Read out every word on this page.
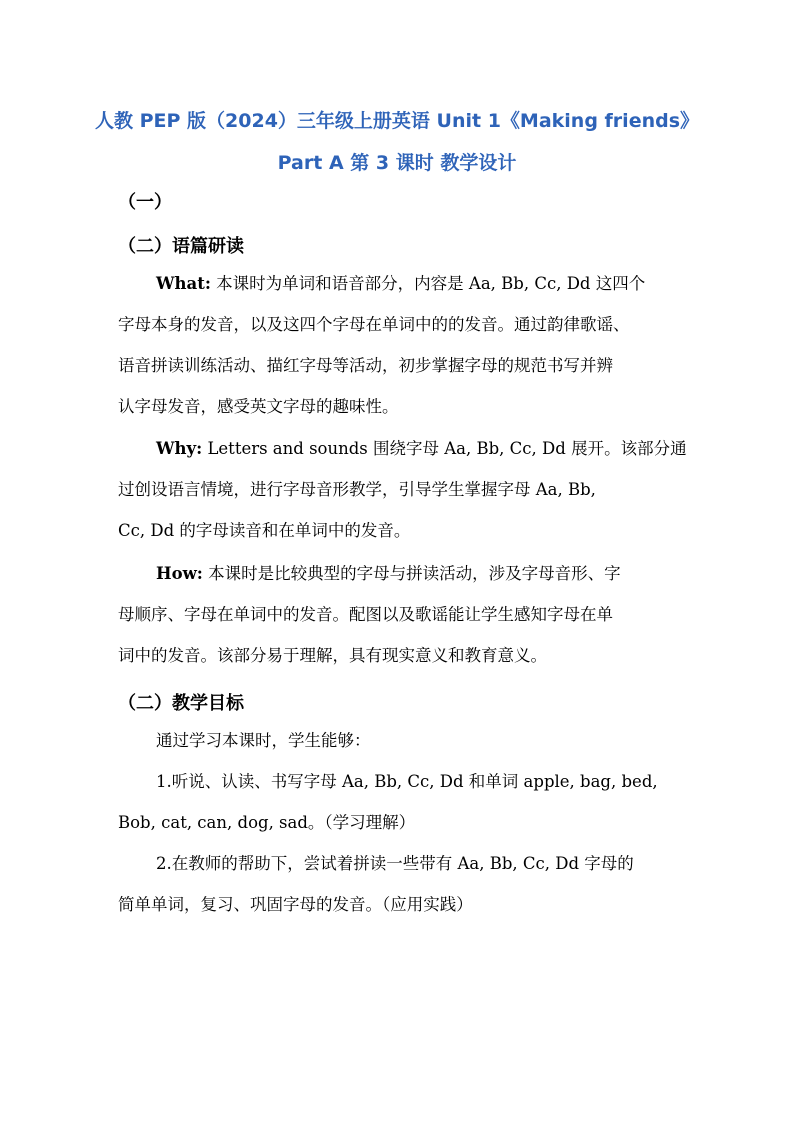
人教 PEP 版（2024）三年级上册英语 Unit 1《Making friends》
Part A 第 3 课时 教学设计
（一）
（二）语篇研读
What: 本课时为单词和语音部分，内容是 Aa, Bb, Cc, Dd 这四个
字母本身的发音，以及这四个字母在单词中的的发音。通过韵律歌谣、
语音拼读训练活动、描红字母等活动，初步掌握字母的规范书写并辨
认字母发音，感受英文字母的趣味性。
Why: Letters and sounds 围绕字母 Aa, Bb, Cc, Dd 展开。该部分通
过创设语言情境，进行字母音形教学，引导学生掌握字母 Aa, Bb,
Cc, Dd 的字母读音和在单词中的发音。
How: 本课时是比较典型的字母与拼读活动，涉及字母音形、字
母顺序、字母在单词中的发音。配图以及歌谣能让学生感知字母在单
词中的发音。该部分易于理解，具有现实意义和教育意义。
（二）教学目标
通过学习本课时，学生能够：
1.听说、认读、书写字母 Aa, Bb, Cc, Dd 和单词 apple, bag, bed,
Bob, cat, can, dog, sad。（学习理解）
2.在教师的帮助下，尝试着拼读一些带有 Aa, Bb, Cc, Dd 字母的
简单单词，复习、巩固字母的发音。（应用实践）
